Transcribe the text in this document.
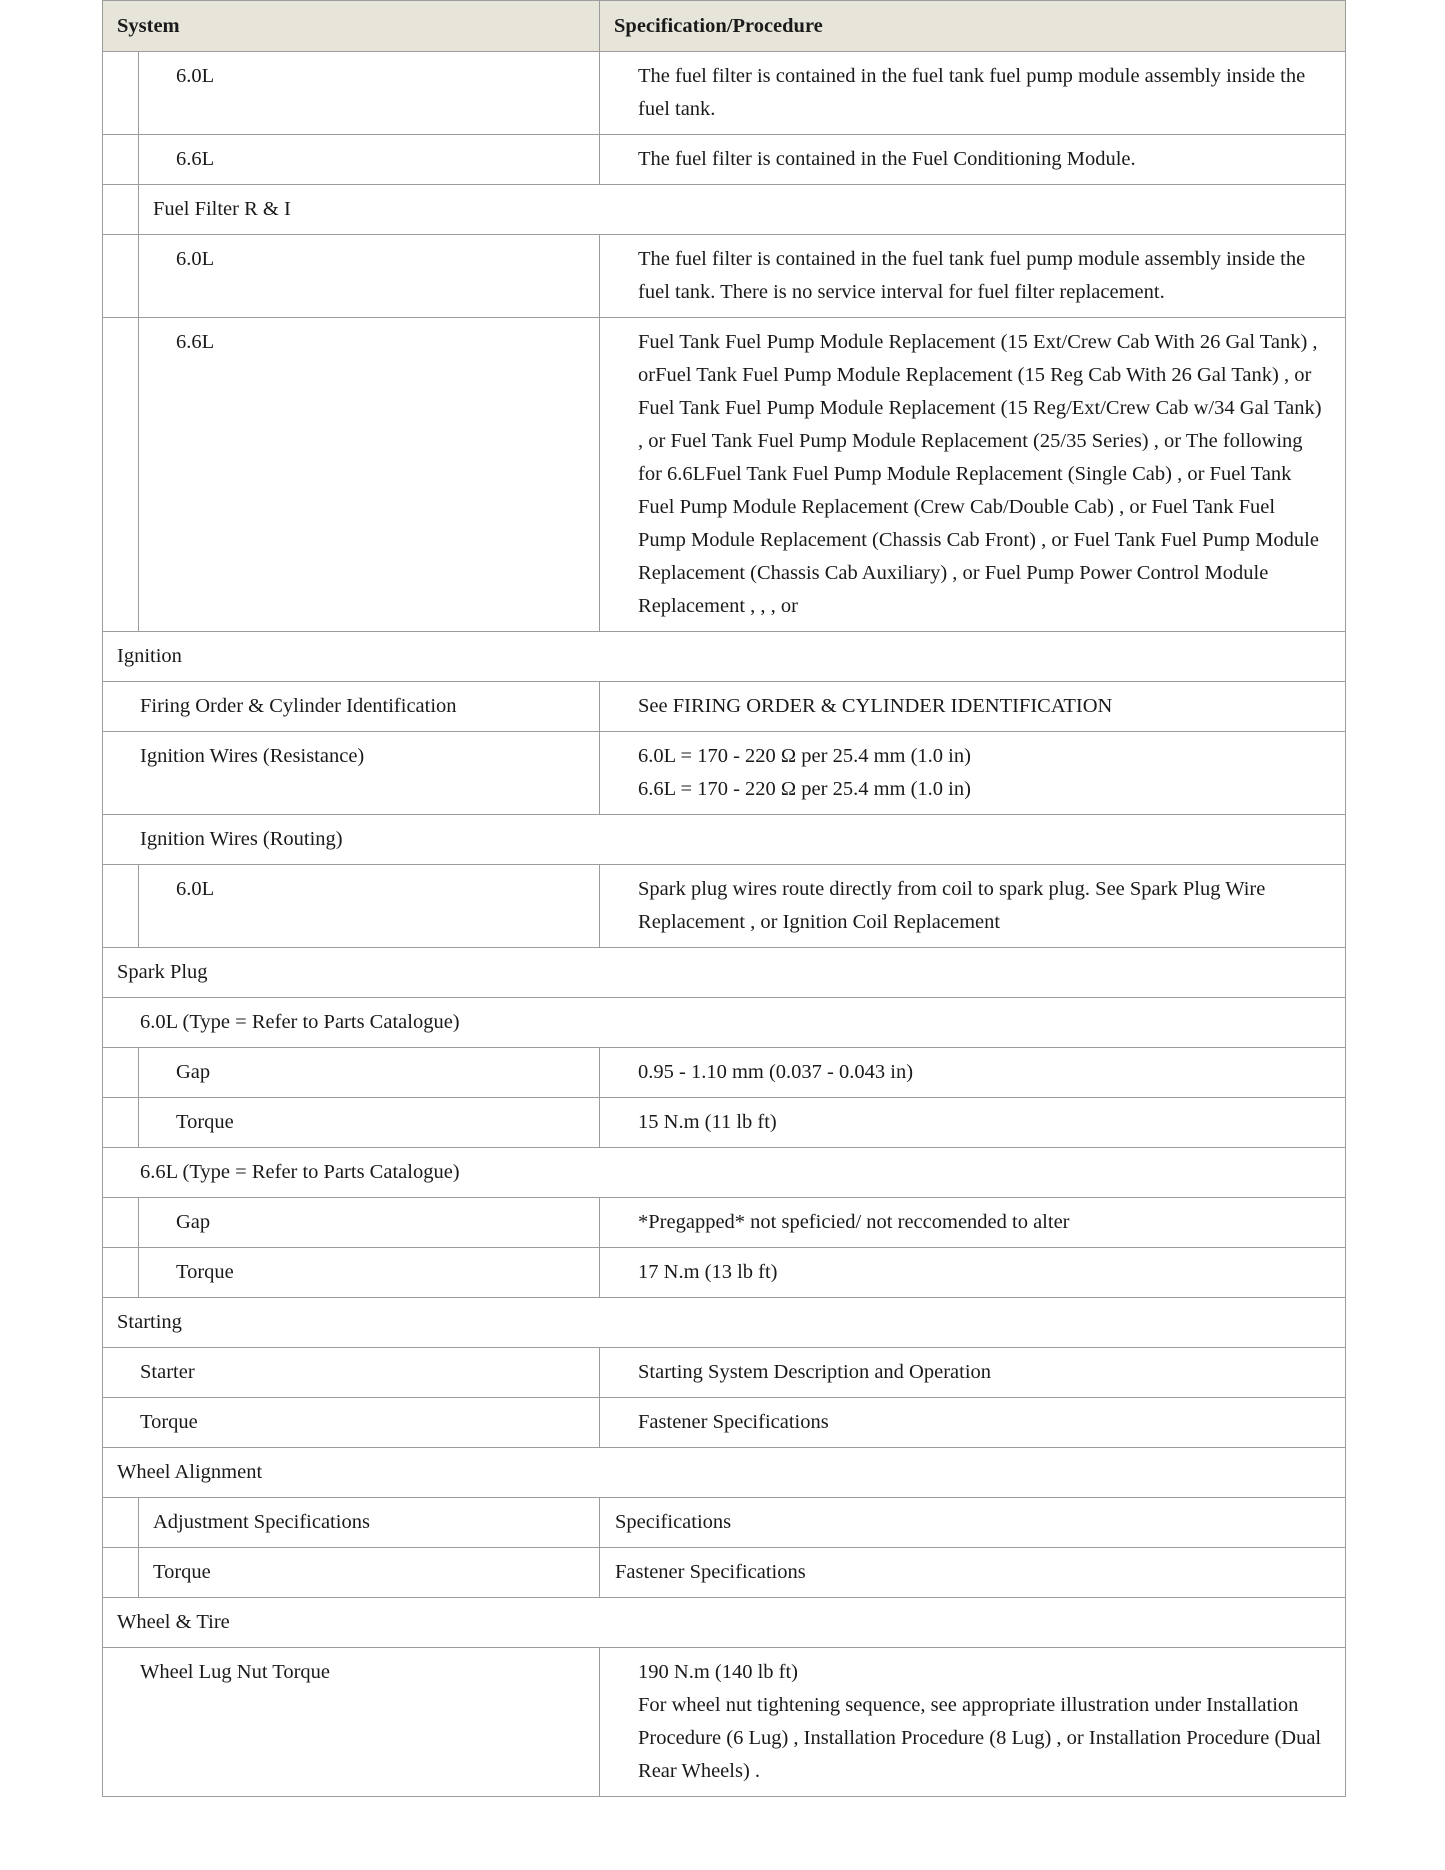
System		Specification/Procedure
	6.0L	The fuel filter is contained in the fuel tank fuel pump module assembly inside the fuel tank.
	6.6L	The fuel filter is contained in the Fuel Conditioning Module.
	Fuel Filter R & I	
	6.0L	The fuel filter is contained in the fuel tank fuel pump module assembly inside the fuel tank. There is no service interval for fuel filter replacement.
	6.6L	Fuel Tank Fuel Pump Module Replacement (15 Ext/Crew Cab With 26 Gal Tank) , orFuel Tank Fuel Pump Module Replacement (15 Reg Cab With 26 Gal Tank) , or Fuel Tank Fuel Pump Module Replacement (15 Reg/Ext/Crew Cab w/34 Gal Tank) , or Fuel Tank Fuel Pump Module Replacement (25/35 Series) , or The following for 6.6LFuel Tank Fuel Pump Module Replacement (Single Cab) , or Fuel Tank Fuel Pump Module Replacement (Crew Cab/Double Cab) , or Fuel Tank Fuel Pump Module Replacement (Chassis Cab Front) , or Fuel Tank Fuel Pump Module Replacement (Chassis Cab Auxiliary) , or Fuel Pump Power Control Module Replacement , , , or
Ignition		
Firing Order & Cylinder Identification		See FIRING ORDER & CYLINDER IDENTIFICATION
Ignition Wires (Resistance)		6.0L = 170 - 220 Ω per 25.4 mm (1.0 in)
6.6L = 170 - 220 Ω per 25.4 mm (1.0 in)

Ignition Wires (Routing)		
	6.0L	Spark plug wires route directly from coil to spark plug. See Spark Plug Wire Replacement , or Ignition Coil Replacement
Spark Plug		
6.0L (Type = Refer to Parts Catalogue)		
	Gap	0.95 - 1.10 mm (0.037 - 0.043 in)
	Torque	15 N.m (11 lb ft)
6.6L (Type = Refer to Parts Catalogue)		
	Gap	*Pregapped* not speficied/ not reccomended to alter
	Torque	17 N.m (13 lb ft)
Starting		
Starter		Starting System Description and Operation
Torque		Fastener Specifications
Wheel Alignment		
	Adjustment Specifications	Specifications
	Torque	Fastener Specifications
Wheel & Tire		
Wheel Lug Nut Torque		190 N.m (140 lb ft)
For wheel nut tightening sequence, see appropriate illustration under Installation Procedure (6 Lug) , Installation Procedure (8 Lug) , or Installation Procedure (Dual Rear Wheels) .
